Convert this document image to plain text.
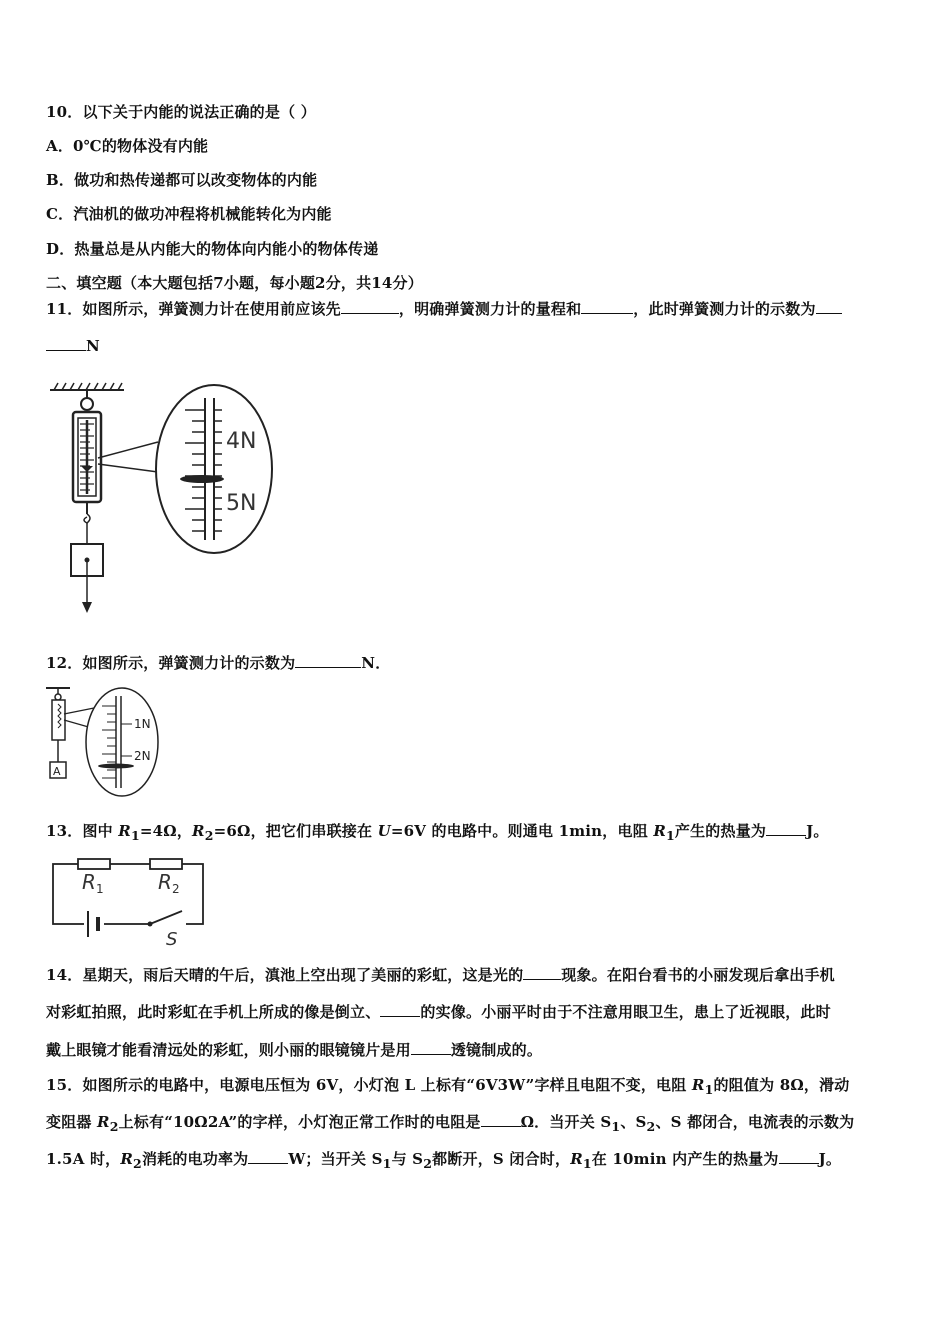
10．以下关于内能的说法正确的是（ ）
A．0℃的物体没有内能
B．做功和热传递都可以改变物体的内能
C．汽油机的做功冲程将机械能转化为内能
D．热量总是从内能大的物体向内能小的物体传递
二、填空题（本大题包括7小题，每小题2分，共14分）
11．如图所示，弹簧测力计在使用前应该先	，明确弹簧测力计的量程和	，此时弹簧测力计的示数为
N
4N
5N
12．如图所示，弹簧测力计的示数为	N．
A
1N
2N
13．图中 $R_1=4\Omega$，$R_2=6\Omega$，把它们串联接在 U=6V 的电路中。则通电 1min，电阻 $R_1$产生的热量为	J。
R 1	R 2
S
14．星期天，雨后天晴的午后，滇池上空出现了美丽的彩虹，这是光的	现象。在阳台看书的小丽发现后拿出手机
对彩虹拍照，此时彩虹在手机上所成的像是倒立、	的实像。小丽平时由于不注意用眼卫生，患上了近视眼，此时
戴上眼镜才能看清远处的彩虹，则小丽的眼镜镜片是用	透镜制成的。
15．如图所示的电路中，电源电压恒为 6V，小灯泡 L 上标有“6V3W”字样且电阻不变，电阻 $R_1$的阻值为 8Ω，滑动
变阻器 $R_2$上标有“10Ω2A”的字样，小灯泡正常工作时的电阻是	Ω．当开关 $S_1$、$S_2$、S 都闭合，电流表的示数为
1.5A 时，$R_2$消耗的电功率为	W；当开关 $S_1$与 $S_2$都断开，S 闭合时，$R_1$在 10min 内产生的热量为	J。
